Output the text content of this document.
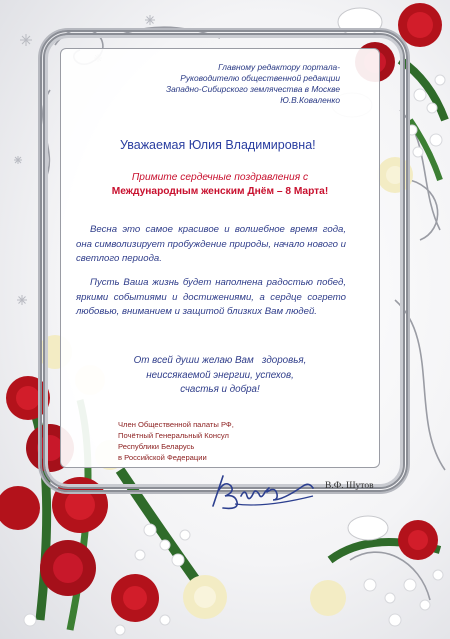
Главному редактору портала-
Руководителю общественной редакции
Западно-Сибирского землячества в Москве
Ю.В.Коваленко
Уважаемая Юлия Владимировна!
Примите сердечные поздравления с
Международным женским Днём – 8 Марта!
Весна это самое красивое и волшебное время года, она символизирует пробуждение природы, начало нового и светлого периода.
Пусть Ваша жизнь будет наполнена радостью побед, яркими событиями и достижениями, а сердце согрето любовью, вниманием и защитой близких Вам людей.
От всей души желаю Вам   здоровья,
неиссякаемой энергии, успехов,
счастья и добра!
Член Общественной палаты РФ,
Почётный Генеральный Консул
Республики Беларусь
в Российской Федерации
В.Ф. Шутов
